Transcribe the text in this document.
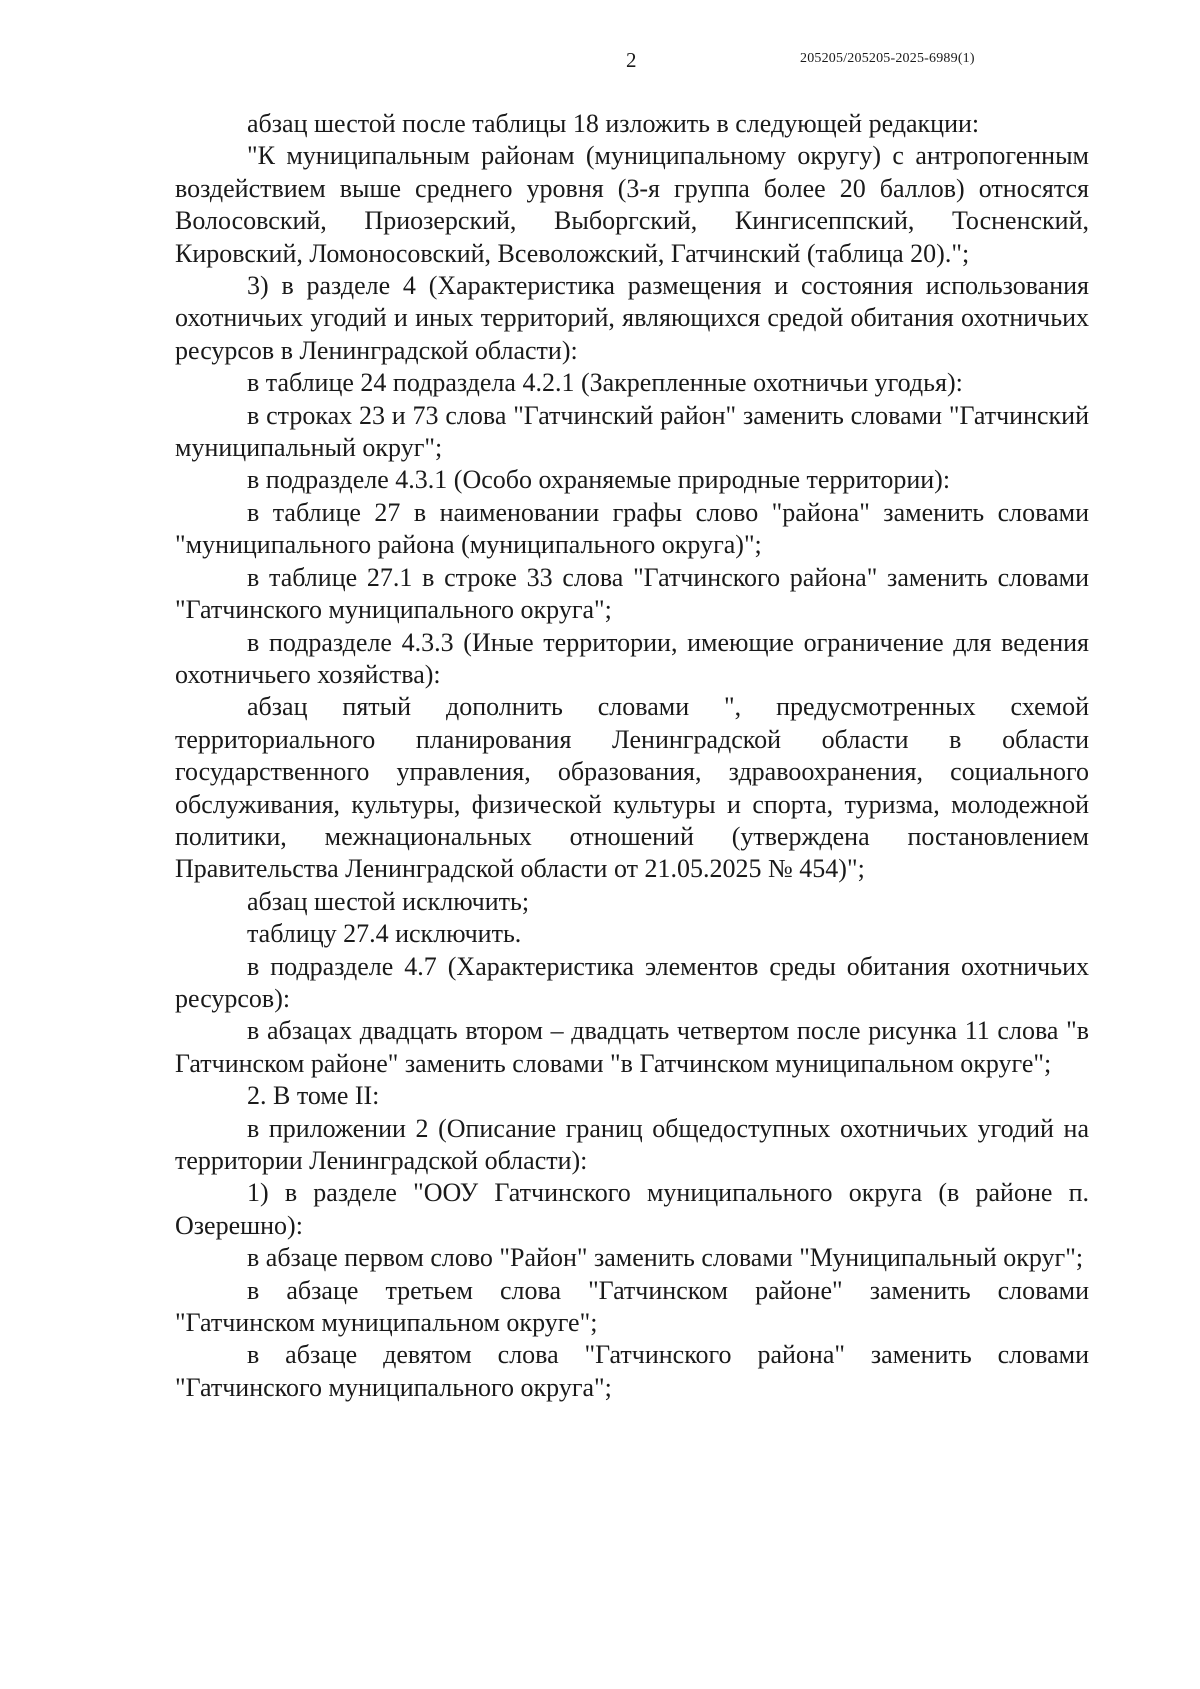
2	205205/205205-2025-6989(1)

абзац шестой после таблицы 18 изложить в следующей редакции:

"К муниципальным районам (муниципальному округу) с антропогенным воздействием выше среднего уровня (3-я группа более 20 баллов) относятся Волосовский, Приозерский, Выборгский, Кингисеппский, Тосненский, Кировский, Ломоносовский, Всеволожский, Гатчинский (таблица 20).";

3) в разделе 4 (Характеристика размещения и состояния использования охотничьих угодий и иных территорий, являющихся средой обитания охотничьих ресурсов в Ленинградской области):

в таблице 24 подраздела 4.2.1 (Закрепленные охотничьи угодья):

в строках 23 и 73 слова "Гатчинский район" заменить словами "Гатчинский муниципальный округ";

в подразделе 4.3.1 (Особо охраняемые природные территории):

в таблице 27 в наименовании графы слово "района" заменить словами "муниципального района (муниципального округа)";

в таблице 27.1 в строке 33 слова "Гатчинского района" заменить словами "Гатчинского муниципального округа";

в подразделе 4.3.3 (Иные территории, имеющие ограничение для ведения охотничьего хозяйства):

абзац пятый дополнить словами ", предусмотренных схемой территориального планирования Ленинградской области в области государственного управления, образования, здравоохранения, социального обслуживания, культуры, физической культуры и спорта, туризма, молодежной политики, межнациональных отношений (утверждена постановлением Правительства Ленинградской области от 21.05.2025 № 454)";

абзац шестой исключить;

таблицу 27.4 исключить.

в подразделе 4.7 (Характеристика элементов среды обитания охотничьих ресурсов):

в абзацах двадцать втором – двадцать четвертом после рисунка 11 слова "в Гатчинском районе" заменить словами "в Гатчинском муниципальном округе";

2. В томе II:

в приложении 2 (Описание границ общедоступных охотничьих угодий на территории Ленинградской области):

1) в разделе "ООУ Гатчинского муниципального округа (в районе п. Озерешно):

в абзаце первом слово "Район" заменить словами "Муниципальный округ";

в абзаце третьем слова "Гатчинском районе" заменить словами "Гатчинском муниципальном округе";

в абзаце девятом слова "Гатчинского района" заменить словами "Гатчинского муниципального округа";
